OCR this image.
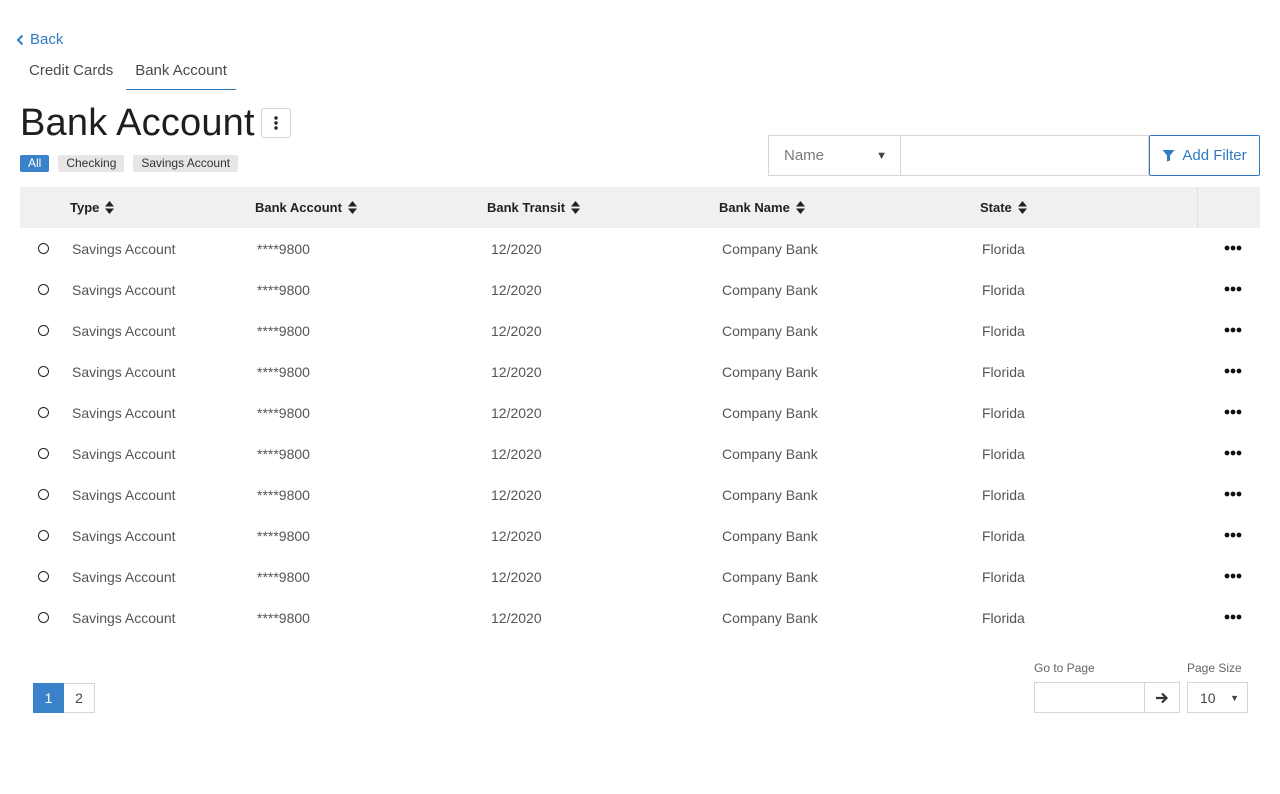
Back
Credit Cards	Bank Account
Bank Account
All	Checking	Savings Account	Name	▼	Add Filter
Type	Bank Account	Bank Transit	Bank Name	State
Savings Account	****9800	12/2020	Company Bank	Florida
Savings Account	****9800	12/2020	Company Bank	Florida
Savings Account	****9800	12/2020	Company Bank	Florida
Savings Account	****9800	12/2020	Company Bank	Florida
Savings Account	****9800	12/2020	Company Bank	Florida
Savings Account	****9800	12/2020	Company Bank	Florida
Savings Account	****9800	12/2020	Company Bank	Florida
Savings Account	****9800	12/2020	Company Bank	Florida
Savings Account	****9800	12/2020	Company Bank	Florida
Savings Account	****9800	12/2020	Company Bank	Florida
1	2
Go to Page	Page Size
10 ▼
